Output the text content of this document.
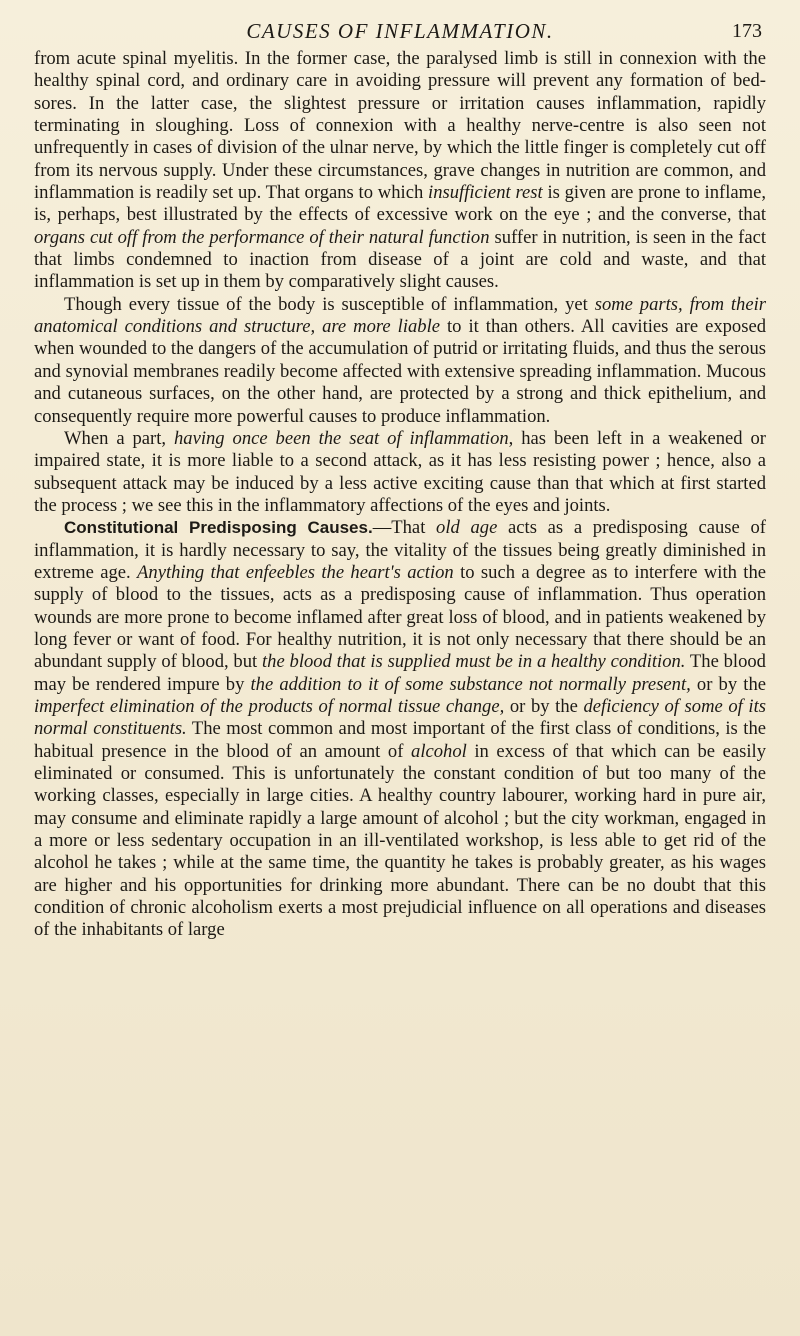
CAUSES OF INFLAMMATION.	173

from acute spinal myelitis. In the former case, the paralysed limb is still in connexion with the healthy spinal cord, and ordinary care in avoiding pressure will prevent any formation of bed-sores. In the latter case, the slightest pressure or irritation causes inflammation, rapidly terminating in sloughing. Loss of connexion with a healthy nerve-centre is also seen not unfrequently in cases of division of the ulnar nerve, by which the little finger is completely cut off from its nervous supply. Under these circumstances, grave changes in nutrition are common, and inflammation is readily set up. That organs to which insufficient rest is given are prone to inflame, is, perhaps, best illustrated by the effects of excessive work on the eye ; and the converse, that organs cut off from the performance of their natural function suffer in nutrition, is seen in the fact that limbs condemned to inaction from disease of a joint are cold and waste, and that inflammation is set up in them by comparatively slight causes.

Though every tissue of the body is susceptible of inflammation, yet some parts, from their anatomical conditions and structure, are more liable to it than others. All cavities are exposed when wounded to the dangers of the accumulation of putrid or irritating fluids, and thus the serous and synovial membranes readily become affected with extensive spreading inflammation. Mucous and cutaneous surfaces, on the other hand, are protected by a strong and thick epithelium, and consequently require more powerful causes to produce inflammation.

When a part, having once been the seat of inflammation, has been left in a weakened or impaired state, it is more liable to a second attack, as it has less resisting power ; hence, also a subsequent attack may be induced by a less active exciting cause than that which at first started the process ; we see this in the inflammatory affections of the eyes and joints.

Constitutional Predisposing Causes.—That old age acts as a predisposing cause of inflammation, it is hardly necessary to say, the vitality of the tissues being greatly diminished in extreme age. Anything that enfeebles the heart's action to such a degree as to interfere with the supply of blood to the tissues, acts as a predisposing cause of inflammation. Thus operation wounds are more prone to become inflamed after great loss of blood, and in patients weakened by long fever or want of food. For healthy nutrition, it is not only necessary that there should be an abundant supply of blood, but the blood that is supplied must be in a healthy condition. The blood may be rendered impure by the addition to it of some substance not normally present, or by the imperfect elimination of the products of normal tissue change, or by the deficiency of some of its normal constituents. The most common and most important of the first class of conditions, is the habitual presence in the blood of an amount of alcohol in excess of that which can be easily eliminated or consumed. This is unfortunately the constant condition of but too many of the working classes, especially in large cities. A healthy country labourer, working hard in pure air, may consume and eliminate rapidly a large amount of alcohol ; but the city workman, engaged in a more or less sedentary occupation in an ill-ventilated workshop, is less able to get rid of the alcohol he takes ; while at the same time, the quantity he takes is probably greater, as his wages are higher and his opportunities for drinking more abundant. There can be no doubt that this condition of chronic alcoholism exerts a most prejudicial influence on all operations and diseases of the inhabitants of large
